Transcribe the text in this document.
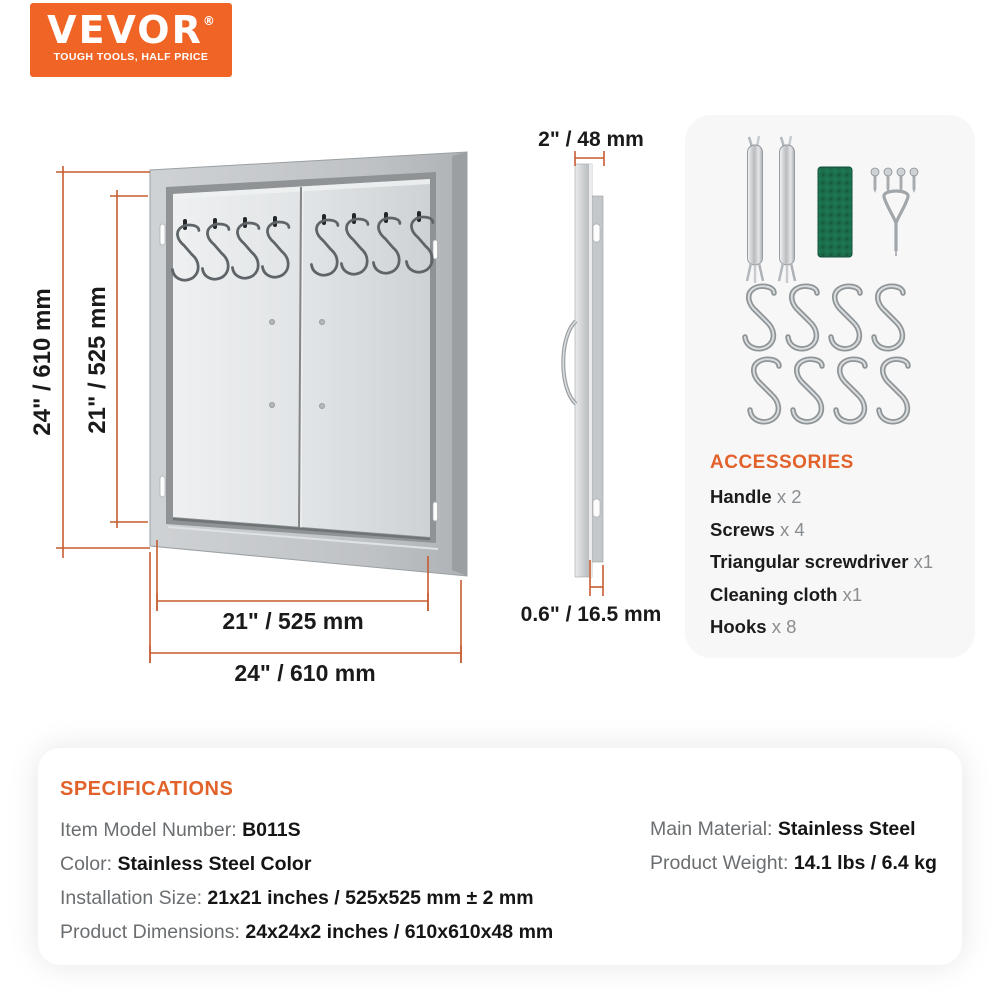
VEVOR®
TOUGH TOOLS, HALF PRICE
24" / 610 mm 21" / 525 mm
21" / 525 mm
24" / 610 mm
2" / 48 mm
0.6" / 16.5 mm
ACCESSORIES
Handle x 2
Screws x 4
Triangular screwdriver x1
Cleaning cloth x1
Hooks x 8
SPECIFICATIONS
Item Model Number: B011S
Color: Stainless Steel Color
Installation Size: 21x21 inches / 525x525 mm ± 2 mm
Product Dimensions: 24x24x2 inches / 610x610x48 mm
Main Material: Stainless Steel
Product Weight: 14.1 lbs / 6.4 kg
